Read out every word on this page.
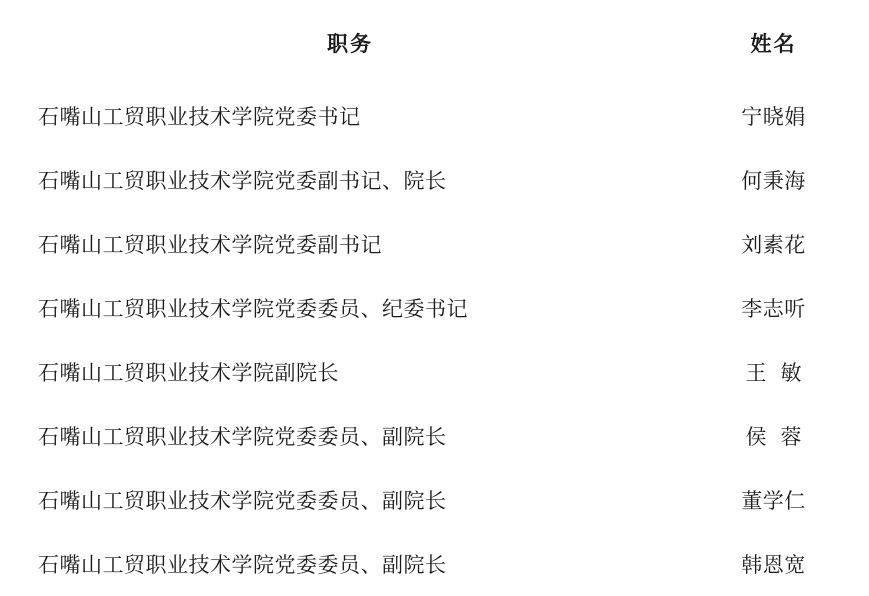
职务	姓名
石嘴山工贸职业技术学院党委书记	宁晓娟
石嘴山工贸职业技术学院党委副书记、院长	何秉海
石嘴山工贸职业技术学院党委副书记	刘素花
石嘴山工贸职业技术学院党委委员、纪委书记	李志听
石嘴山工贸职业技术学院副院长	王敏
石嘴山工贸职业技术学院党委委员、副院长	侯蓉
石嘴山工贸职业技术学院党委委员、副院长	董学仁
石嘴山工贸职业技术学院党委委员、副院长	韩恩宽
